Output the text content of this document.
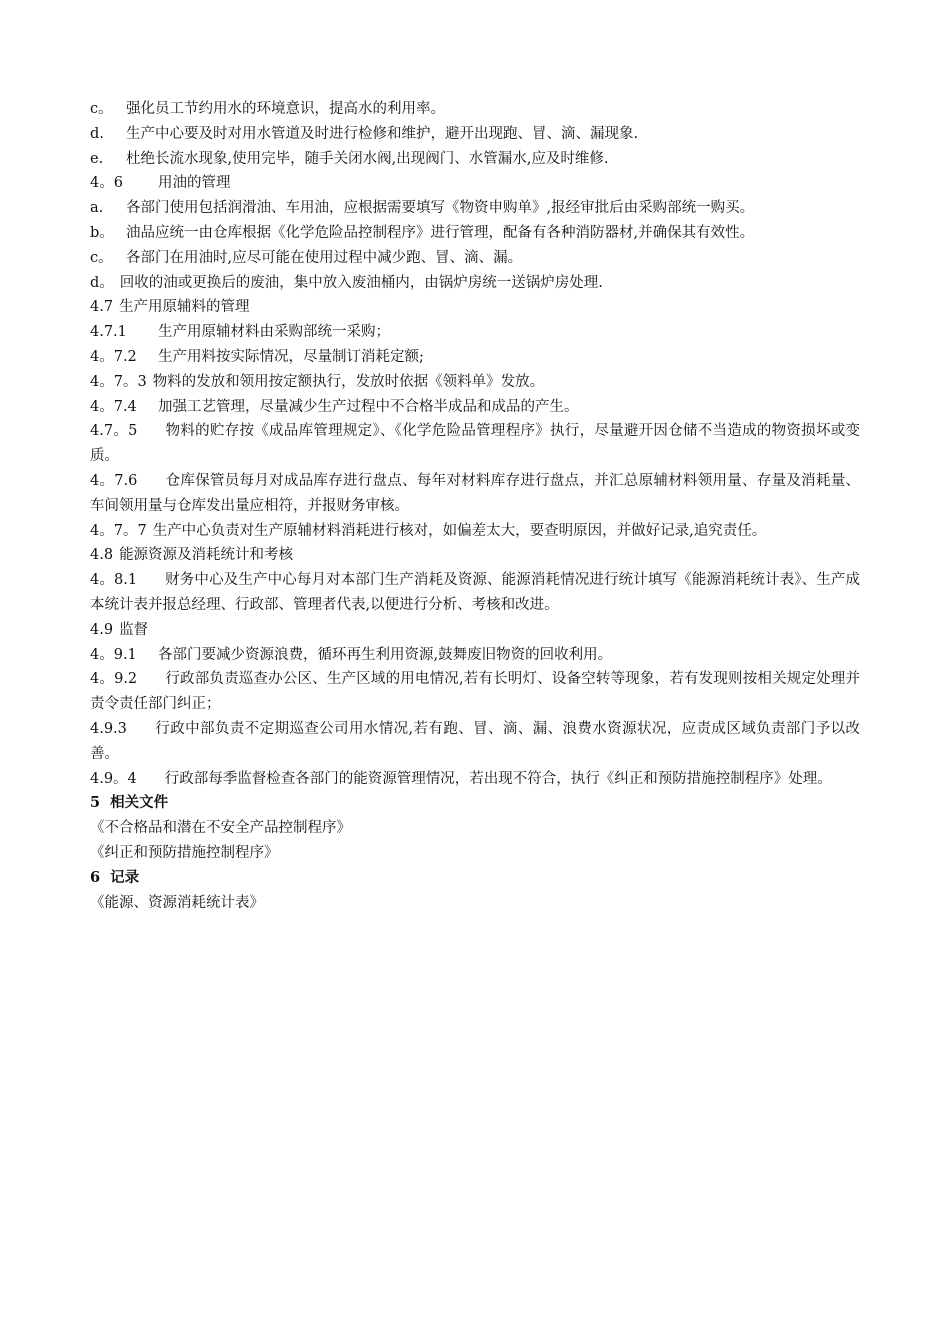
c。 强化员工节约用水的环境意识，提高水的利用率。
d.	生产中心要及时对用水管道及时进行检修和维护，避开出现跑、冒、滴、漏现象.
e.	杜绝长流水现象,使用完毕，随手关闭水阀,出现阀门、水管漏水,应及时维修.
4。6	用油的管理
a.	各部门使用包括润滑油、车用油，应根据需要填写《物资申购单》,报经审批后由采购部统一购买。
b。 油品应统一由仓库根据《化学危险品控制程序》进行管理，配备有各种消防器材,并确保其有效性。
c。 各部门在用油时,应尽可能在使用过程中减少跑、冒、滴、漏。
d。 回收的油或更换后的废油，集中放入废油桶内，由锅炉房统一送锅炉房处理.
4.7 生产用原辅料的管理
4.7.1	生产用原辅材料由采购部统一采购；
4。7.2	生产用料按实际情况，尽量制订消耗定额;
4。7。3 物料的发放和领用按定额执行，发放时依据《领料单》发放。
4。7.4	加强工艺管理，尽量减少生产过程中不合格半成品和成品的产生。
4.7。5 物料的贮存按《成品库管理规定》、《化学危险品管理程序》执行，尽量避开因仓储不当造成的物资损坏或变质。
4。7.6 仓库保管员每月对成品库存进行盘点、每年对材料库存进行盘点，并汇总原辅材料领用量、存量及消耗量、车间领用量与仓库发出量应相符，并报财务审核。
4。7。7 生产中心负责对生产原辅材料消耗进行核对，如偏差太大，要查明原因，并做好记录,追究责任。
4.8 能源资源及消耗统计和考核
4。8.1 财务中心及生产中心每月对本部门生产消耗及资源、能源消耗情况进行统计填写《能源消耗统计表》、生产成本统计表并报总经理、行政部、管理者代表,以便进行分析、考核和改进。
4.9 监督
4。9.1	各部门要减少资源浪费，循环再生利用资源,鼓舞废旧物资的回收利用。
4。9.2 行政部负责巡查办公区、生产区域的用电情况,若有长明灯、设备空转等现象，若有发现则按相关规定处理并责令责任部门纠正；
4.9.3 行政中部负责不定期巡查公司用水情况,若有跑、冒、滴、漏、浪费水资源状况，应责成区域负责部门予以改善。
4.9。4 行政部每季监督检查各部门的能资源管理情况，若出现不符合，执行《纠正和预防措施控制程序》处理。
5 相关文件
《不合格品和潜在不安全产品控制程序》
《纠正和预防措施控制程序》
6 记录
《能源、资源消耗统计表》
